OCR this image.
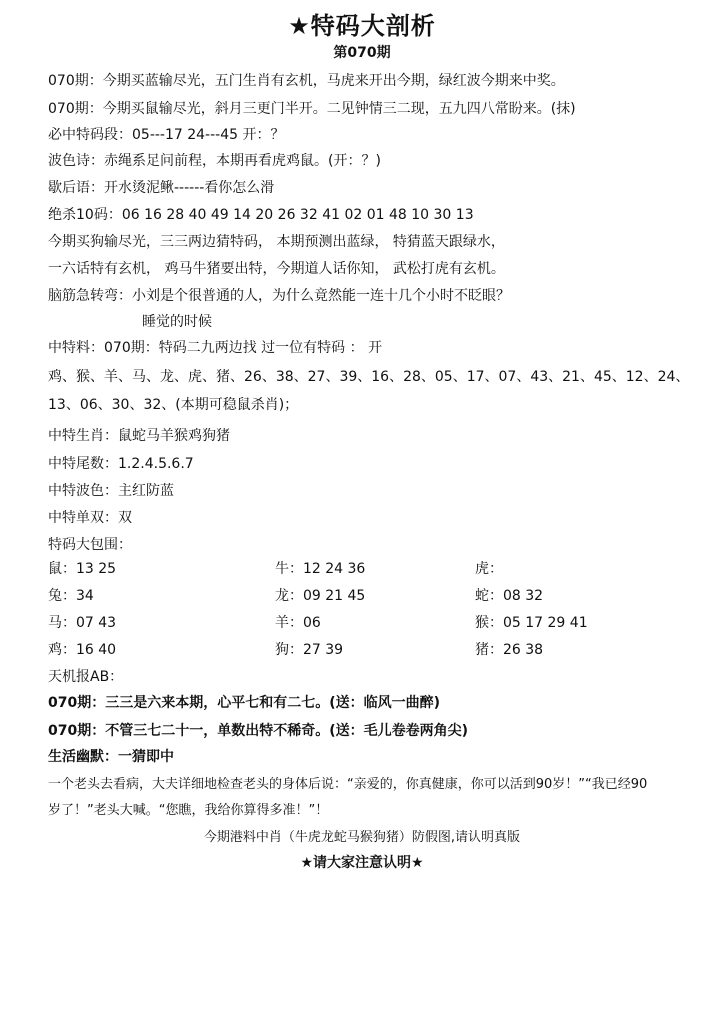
★特码大剖析
第070期
070期：今期买蓝输尽光，五门生肖有玄机，马虎来开出今期，绿红波今期来中奖。
070期：今期买鼠输尽光，斜月三更门半开。二见钟情三二现，五九四八常盼来。(抹)
必中特码段：05---17 24---45 开：？
波色诗：赤绳系足问前程，本期再看虎鸡鼠。(开：？)
歇后语：开水烫泥鳅------看你怎么滑
绝杀10码：06 16 28 40 49 14 20 26 32 41 02 01 48 10 30 13
今期买狗输尽光，三三两边猜特码， 本期预测出蓝绿， 特猜蓝天跟绿水，
一六话特有玄机， 鸡马牛猪要出特，今期道人话你知， 武松打虎有玄机。
脑筋急转弯：小刘是个很普通的人，为什么竟然能一连十几个小时不眨眼？
睡觉的时候
中特料：070期：特码二九两边找 过一位有特码 ： 开
鸡、猴、羊、马、龙、虎、猪、26、38、27、39、16、28、05、17、07、43、21、45、12、24、
13、06、30、32、(本期可稳鼠杀肖)；
中特生肖：鼠蛇马羊猴鸡狗猪
中特尾数：1.2.4.5.6.7
中特波色：主红防蓝
中特单双：双
特码大包围：
鼠：13 25	牛：12 24 36	虎：
兔：34	龙：09 21 45	蛇：08 32
马：07 43	羊：06	猴：05 17 29 41
鸡：16 40	狗：27 39	猪：26 38
天机报AB：
070期：三三是六来本期，心平七和有二七。(送：临风一曲醉)
070期：不管三七二十一，单数出特不稀奇。(送：毛儿卷卷两角尖)
生活幽默：一猜即中
一个老头去看病，大夫详细地检查老头的身体后说：“亲爱的，你真健康，你可以活到90岁！”“我已经90
岁了！”老头大喊。“您瞧，我给你算得多准！”！
今期港料中肖（牛虎龙蛇马猴狗猪）防假图,请认明真版
★请大家注意认明★
